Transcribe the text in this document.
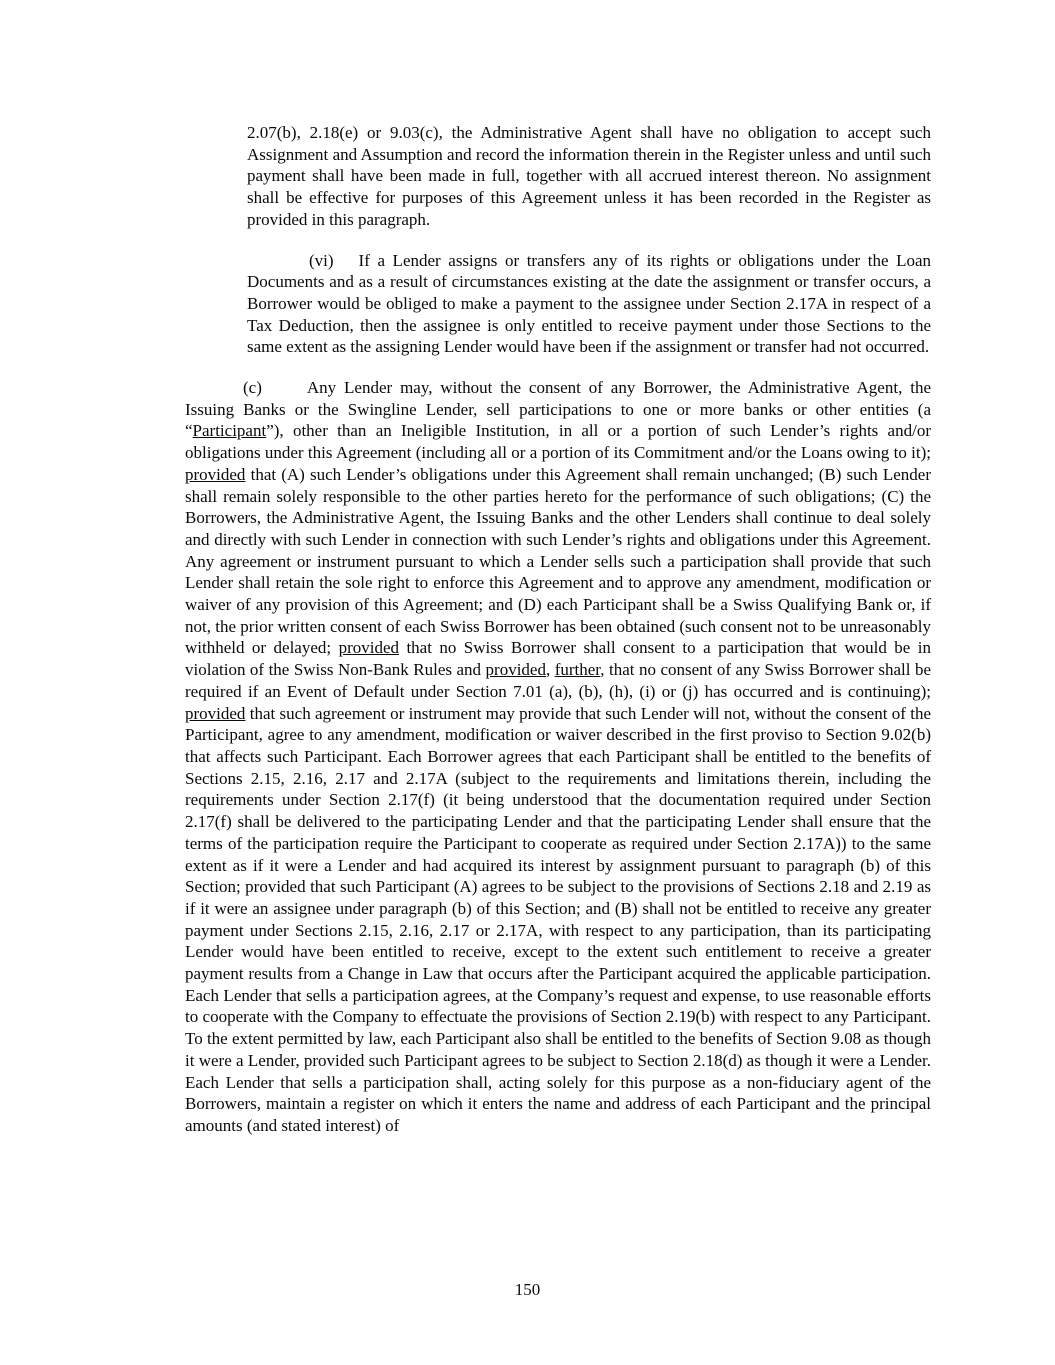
2.07(b), 2.18(e) or 9.03(c), the Administrative Agent shall have no obligation to accept such Assignment and Assumption and record the information therein in the Register unless and until such payment shall have been made in full, together with all accrued interest thereon. No assignment shall be effective for purposes of this Agreement unless it has been recorded in the Register as provided in this paragraph.

(vi) If a Lender assigns or transfers any of its rights or obligations under the Loan Documents and as a result of circumstances existing at the date the assignment or transfer occurs, a Borrower would be obliged to make a payment to the assignee under Section 2.17A in respect of a Tax Deduction, then the assignee is only entitled to receive payment under those Sections to the same extent as the assigning Lender would have been if the assignment or transfer had not occurred.

(c)	Any Lender may, without the consent of any Borrower, the Administrative Agent, the Issuing Banks or the Swingline Lender, sell participations to one or more banks or other entities (a “Participant”), other than an Ineligible Institution, in all or a portion of such Lender’s rights and/or obligations under this Agreement (including all or a portion of its Commitment and/or the Loans owing to it); provided that (A) such Lender’s obligations under this Agreement shall remain unchanged; (B) such Lender shall remain solely responsible to the other parties hereto for the performance of such obligations; (C) the Borrowers, the Administrative Agent, the Issuing Banks and the other Lenders shall continue to deal solely and directly with such Lender in connection with such Lender’s rights and obligations under this Agreement. Any agreement or instrument pursuant to which a Lender sells such a participation shall provide that such Lender shall retain the sole right to enforce this Agreement and to approve any amendment, modification or waiver of any provision of this Agreement; and (D) each Participant shall be a Swiss Qualifying Bank or, if not, the prior written consent of each Swiss Borrower has been obtained (such consent not to be unreasonably withheld or delayed; provided that no Swiss Borrower shall consent to a participation that would be in violation of the Swiss Non-Bank Rules and provided, further, that no consent of any Swiss Borrower shall be required if an Event of Default under Section 7.01 (a), (b), (h), (i) or (j) has occurred and is continuing); provided that such agreement or instrument may provide that such Lender will not, without the consent of the Participant, agree to any amendment, modification or waiver described in the first proviso to Section 9.02(b) that affects such Participant. Each Borrower agrees that each Participant shall be entitled to the benefits of Sections 2.15, 2.16, 2.17 and 2.17A (subject to the requirements and limitations therein, including the requirements under Section 2.17(f) (it being understood that the documentation required under Section 2.17(f) shall be delivered to the participating Lender and that the participating Lender shall ensure that the terms of the participation require the Participant to cooperate as required under Section 2.17A)) to the same extent as if it were a Lender and had acquired its interest by assignment pursuant to paragraph (b) of this Section; provided that such Participant (A) agrees to be subject to the provisions of Sections 2.18 and 2.19 as if it were an assignee under paragraph (b) of this Section; and (B) shall not be entitled to receive any greater payment under Sections 2.15, 2.16, 2.17 or 2.17A, with respect to any participation, than its participating Lender would have been entitled to receive, except to the extent such entitlement to receive a greater payment results from a Change in Law that occurs after the Participant acquired the applicable participation. Each Lender that sells a participation agrees, at the Company’s request and expense, to use reasonable efforts to cooperate with the Company to effectuate the provisions of Section 2.19(b) with respect to any Participant. To the extent permitted by law, each Participant also shall be entitled to the benefits of Section 9.08 as though it were a Lender, provided such Participant agrees to be subject to Section 2.18(d) as though it were a Lender. Each Lender that sells a participation shall, acting solely for this purpose as a non-fiduciary agent of the Borrowers, maintain a register on which it enters the name and address of each Participant and the principal amounts (and stated interest) of

150
